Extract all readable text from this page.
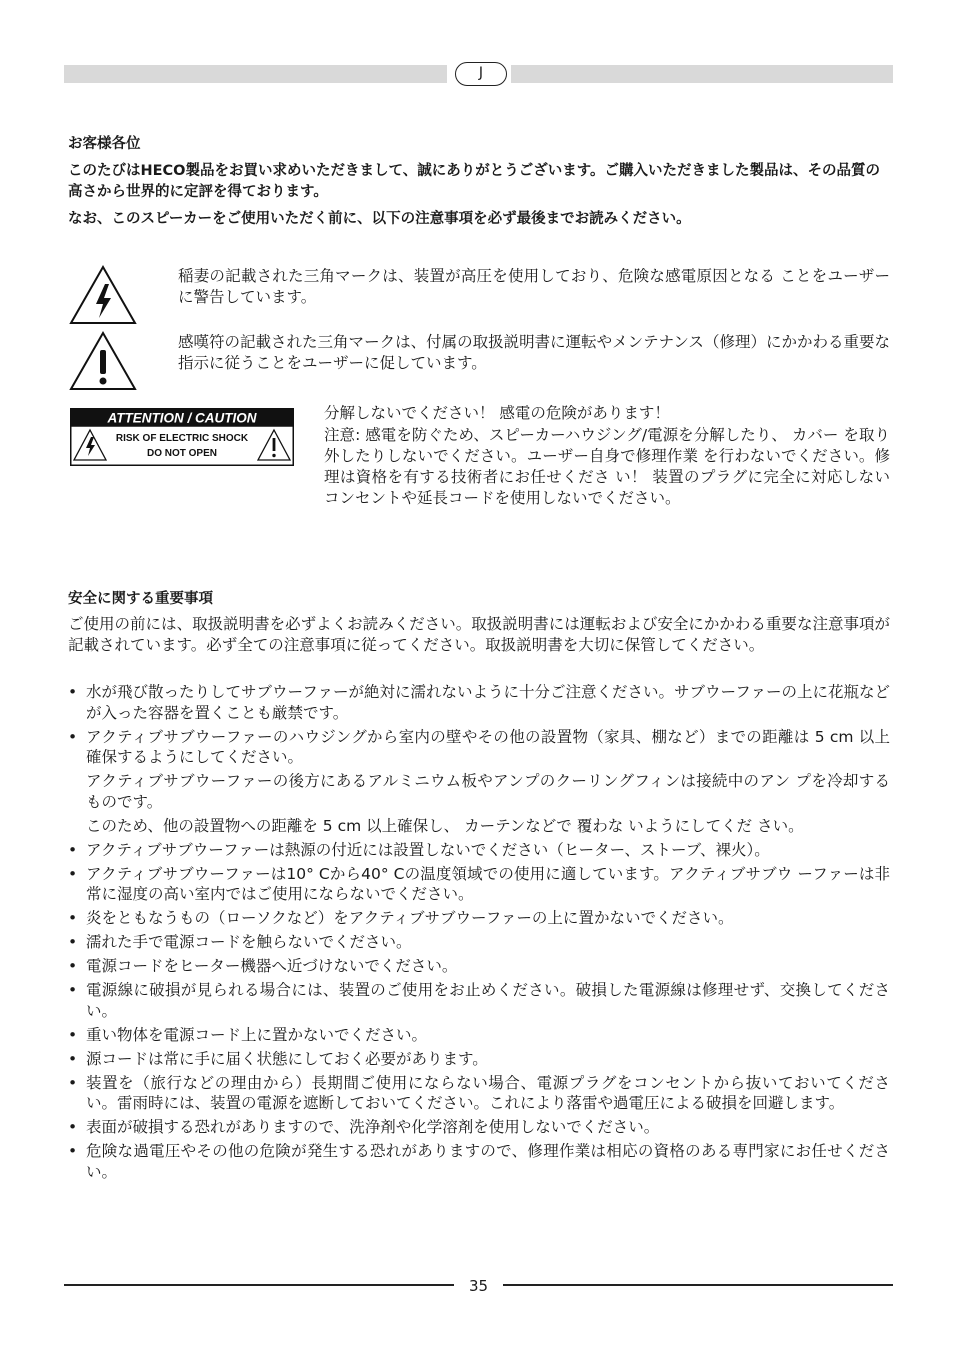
J

お客様各位

このたびはHECO製品をお買い求めいただきまして、誠にありがとうございます。ご購入いただきました製品は、その品質の高さから世界的に定評を得ております。

なお、このスピーカーをご使用いただく前に、以下の注意事項を必ず最後までお読みください。

稲妻の記載された三角マークは、装置が高圧を使用しており、危険な感電原因となる ことをユーザーに警告しています。
感嘆符の記載された三角マークは、付属の取扱説明書に運転やメンテナンス（修理）にかかわる重要な指示に従うことをユーザーに促しています。
ATTENTION / CAUTION
RISK OF ELECTRIC SHOCK
DO NOT OPEN
分解しないでください！ 感電の危険があります！
注意: 感電を防ぐため、スピーカーハウジング/電源を分解したり、 カバー を取り外したりしないでください。ユーザー自身で修理作業 を行わないでください。修理は資格を有する技術者にお任せくださ い！ 装置のプラグに完全に対応しないコンセントや延長コードを使用しないでください。
安全に関する重要事項
ご使用の前には、取扱説明書を必ずよくお読みください。取扱説明書には運転および安全にかかわる重要な注意事項が記載されています。必ず全ての注意事項に従ってください。取扱説明書を大切に保管してください。
• 水が飛び散ったりしてサブウーファーが絶対に濡れないように十分ご注意ください。サブウーファーの上に花瓶などが入った容器を置くことも厳禁です。
• アクティブサブウーファーのハウジングから室内の壁やその他の設置物（家具、棚など）までの距離は 5 cm 以上確保するようにしてください。
アクティブサブウーファーの後方にあるアルミニウム板やアンプのクーリングフィンは接続中のアン プを冷却するものです。
このため、他の設置物への距離を 5 cm 以上確保し、 カーテンなどで 覆わな いようにしてくだ さい。
• アクティブサブウーファーは熱源の付近には設置しないでください（ヒーター、ストーブ、裸火）。
• アクティブサブウーファーは10° Cから40° Cの温度領域での使用に適しています。アクティブサブウ ーファーは非常に湿度の高い室内ではご使用にならないでください。
• 炎をともなうもの（ローソクなど）をアクティブサブウーファーの上に置かないでください。
• 濡れた手で電源コードを触らないでください。
• 電源コードをヒーター機器へ近づけないでください。
• 電源線に破損が見られる場合には、装置のご使用をお止めください。破損した電源線は修理せず、交換してください。
• 重い物体を電源コード上に置かないでください。
• 源コードは常に手に届く状態にしておく必要があります。
• 装置を（旅行などの理由から）長期間ご使用にならない場合、電源プラグをコンセントから抜いておいてください。雷雨時には、装置の電源を遮断しておいてください。これにより落雷や過電圧による破損を回避します。
• 表面が破損する恐れがありますので、洗浄剤や化学溶剤を使用しないでください。
• 危険な過電圧やその他の危険が発生する恐れがありますので、修理作業は相応の資格のある専門家にお任せください。
35
